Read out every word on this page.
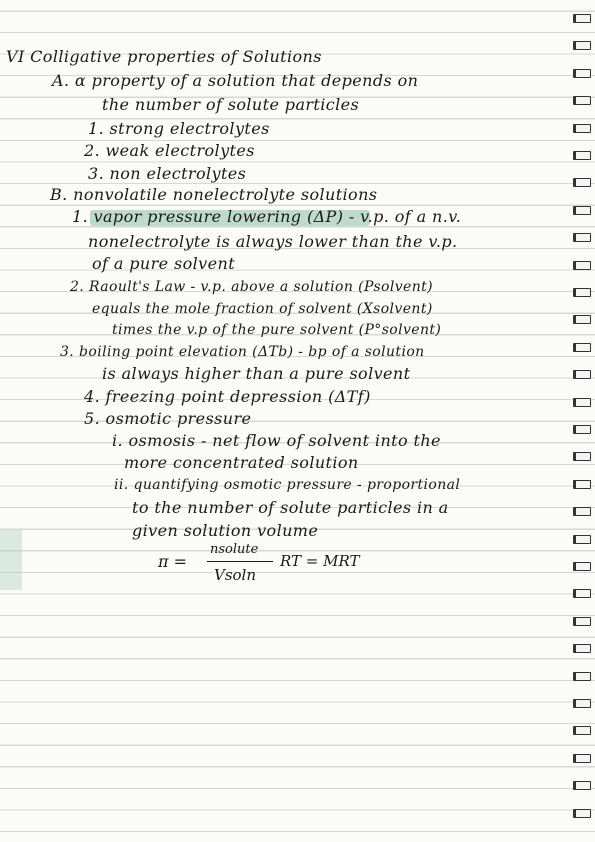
VI Colligative properties of Solutions

A. α property of a solution that depends on

the number of solute particles

1. strong electrolytes

2. weak electrolytes

3. non electrolytes

B. nonvolatile nonelectrolyte solutions

1. vapor pressure lowering (ΔP) - v.p. of a n.v.

nonelectrolyte is always lower than the v.p.

of a pure solvent

2. Raoult's Law - v.p. above a solution (Psolvent)

equals the mole fraction of solvent (Xsolvent)

times the v.p of the pure solvent (P°solvent)

3. boiling point elevation (ΔTb) - bp of a solution

is always higher than a pure solvent

4. freezing point depression (ΔTf)

5. osmotic pressure

i. osmosis - net flow of solvent into the

more concentrated solution

ii. quantifying osmotic pressure - proportional

to the number of solute particles in a

given solution volume

π =
nsolute
Vsoln
RT = MRT
